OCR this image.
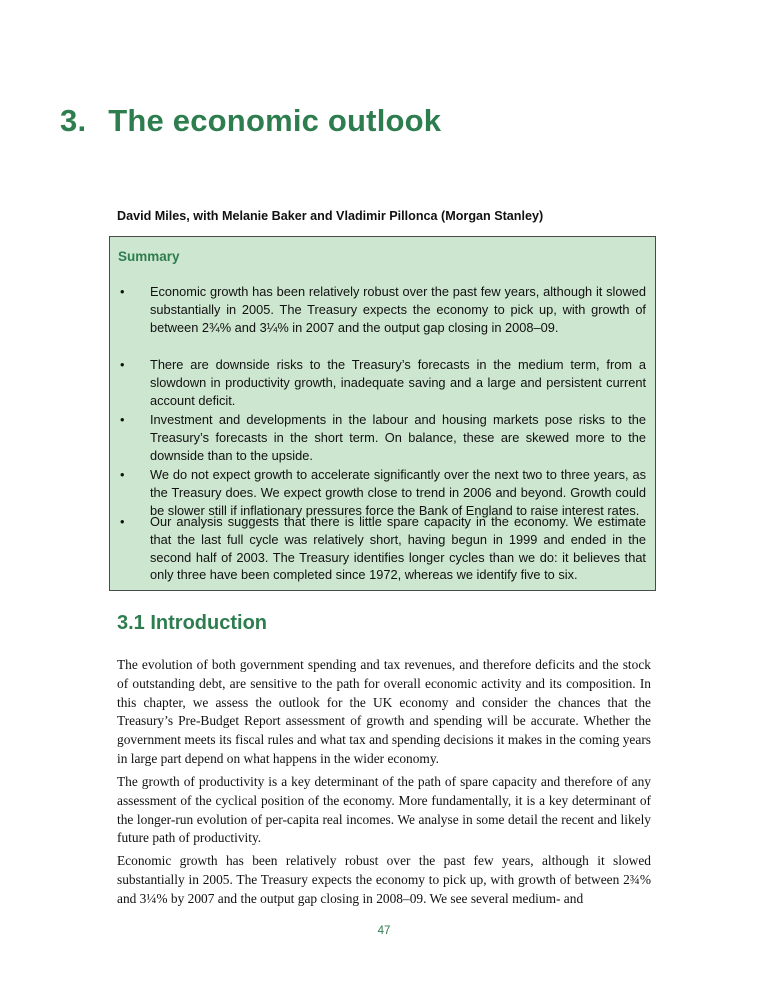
3. The economic outlook

David Miles, with Melanie Baker and Vladimir Pillonca (Morgan Stanley)

Summary
•	Economic growth has been relatively robust over the past few years, although it slowed substantially in 2005. The Treasury expects the economy to pick up, with growth of between 2¾% and 3¼% in 2007 and the output gap closing in 2008–09.
•	There are downside risks to the Treasury’s forecasts in the medium term, from a slowdown in productivity growth, inadequate saving and a large and persistent current account deficit.
•	Investment and developments in the labour and housing markets pose risks to the Treasury’s forecasts in the short term. On balance, these are skewed more to the downside than to the upside.
•	We do not expect growth to accelerate significantly over the next two to three years, as the Treasury does. We expect growth close to trend in 2006 and beyond. Growth could be slower still if inflationary pressures force the Bank of England to raise interest rates.
•	Our analysis suggests that there is little spare capacity in the economy. We estimate that the last full cycle was relatively short, having begun in 1999 and ended in the second half of 2003. The Treasury identifies longer cycles than we do: it believes that only three have been completed since 1972, whereas we identify five to six.
3.1 Introduction

The evolution of both government spending and tax revenues, and therefore deficits and the stock of outstanding debt, are sensitive to the path for overall economic activity and its composition. In this chapter, we assess the outlook for the UK economy and consider the chances that the Treasury’s Pre-Budget Report assessment of growth and spending will be accurate. Whether the government meets its fiscal rules and what tax and spending decisions it makes in the coming years in large part depend on what happens in the wider economy.

The growth of productivity is a key determinant of the path of spare capacity and therefore of any assessment of the cyclical position of the economy. More fundamentally, it is a key determinant of the longer-run evolution of per-capita real incomes. We analyse in some detail the recent and likely future path of productivity.

Economic growth has been relatively robust over the past few years, although it slowed substantially in 2005. The Treasury expects the economy to pick up, with growth of between 2¾% and 3¼% by 2007 and the output gap closing in 2008–09. We see several medium- and

47
